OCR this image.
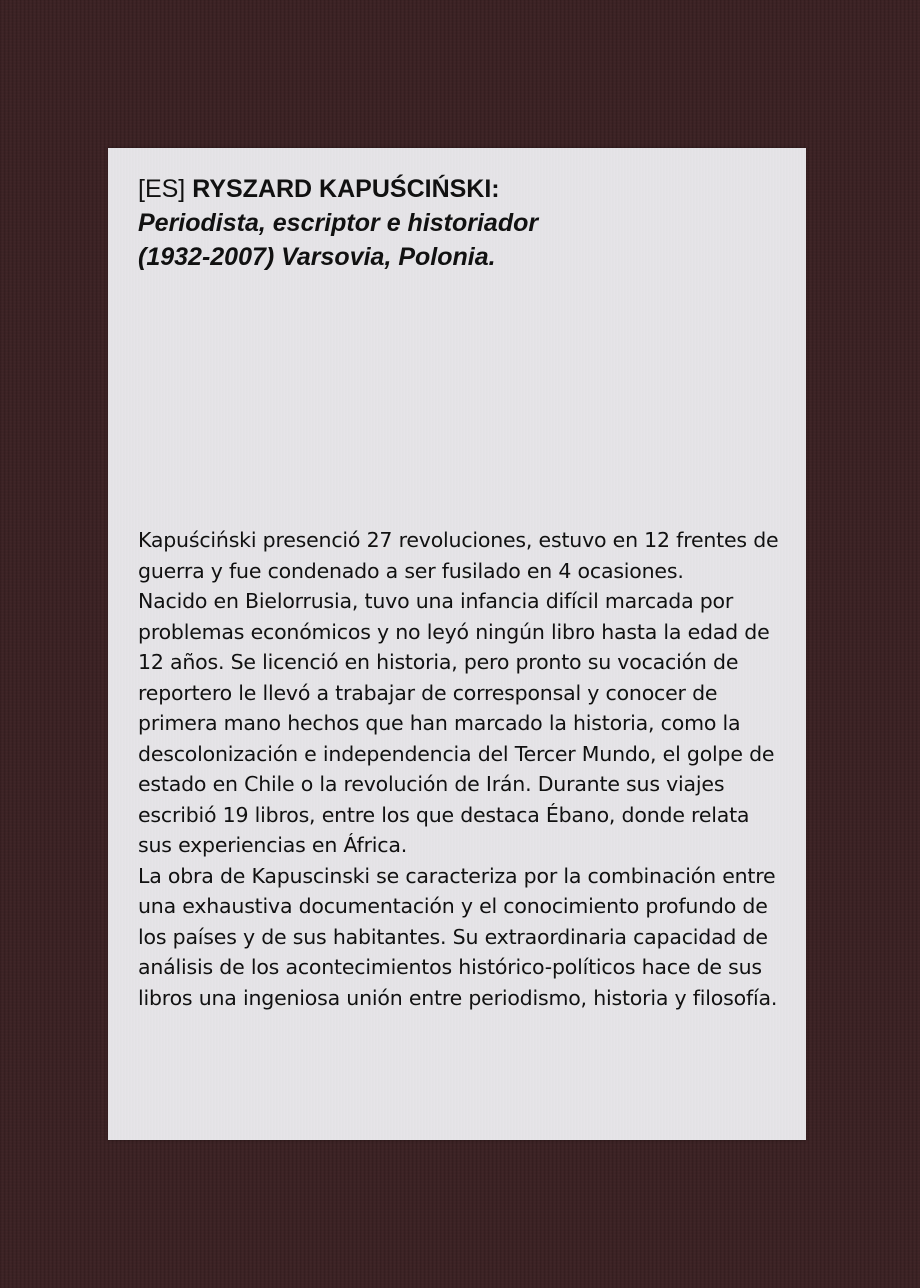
[ES] RYSZARD KAPUŚCIŃSKI:
Periodista, escriptor e historiador
(1932-2007) Varsovia, Polonia.

Kapuściński presenció 27 revoluciones, estuvo en 12 frentes de guerra y fue condenado a ser fusilado en 4 ocasiones.

Nacido en Bielorrusia, tuvo una infancia difícil marcada por problemas económicos y no leyó ningún libro hasta la edad de 12 años. Se licenció en historia, pero pronto su vocación de reportero le llevó a trabajar de corresponsal y conocer de primera mano hechos que han marcado la historia, como la descolonización e independencia del Tercer Mundo, el golpe de estado en Chile o la revolución de Irán. Durante sus viajes escribió 19 libros, entre los que destaca Ébano, donde relata sus experiencias en África.

La obra de Kapuscinski se caracteriza por la combinación entre una exhaustiva documentación y el conocimiento profundo de los países y de sus habitantes. Su extraordinaria capacidad de análisis de los acontecimientos histórico-políticos hace de sus libros una ingeniosa unión entre periodismo, historia y filosofía.
